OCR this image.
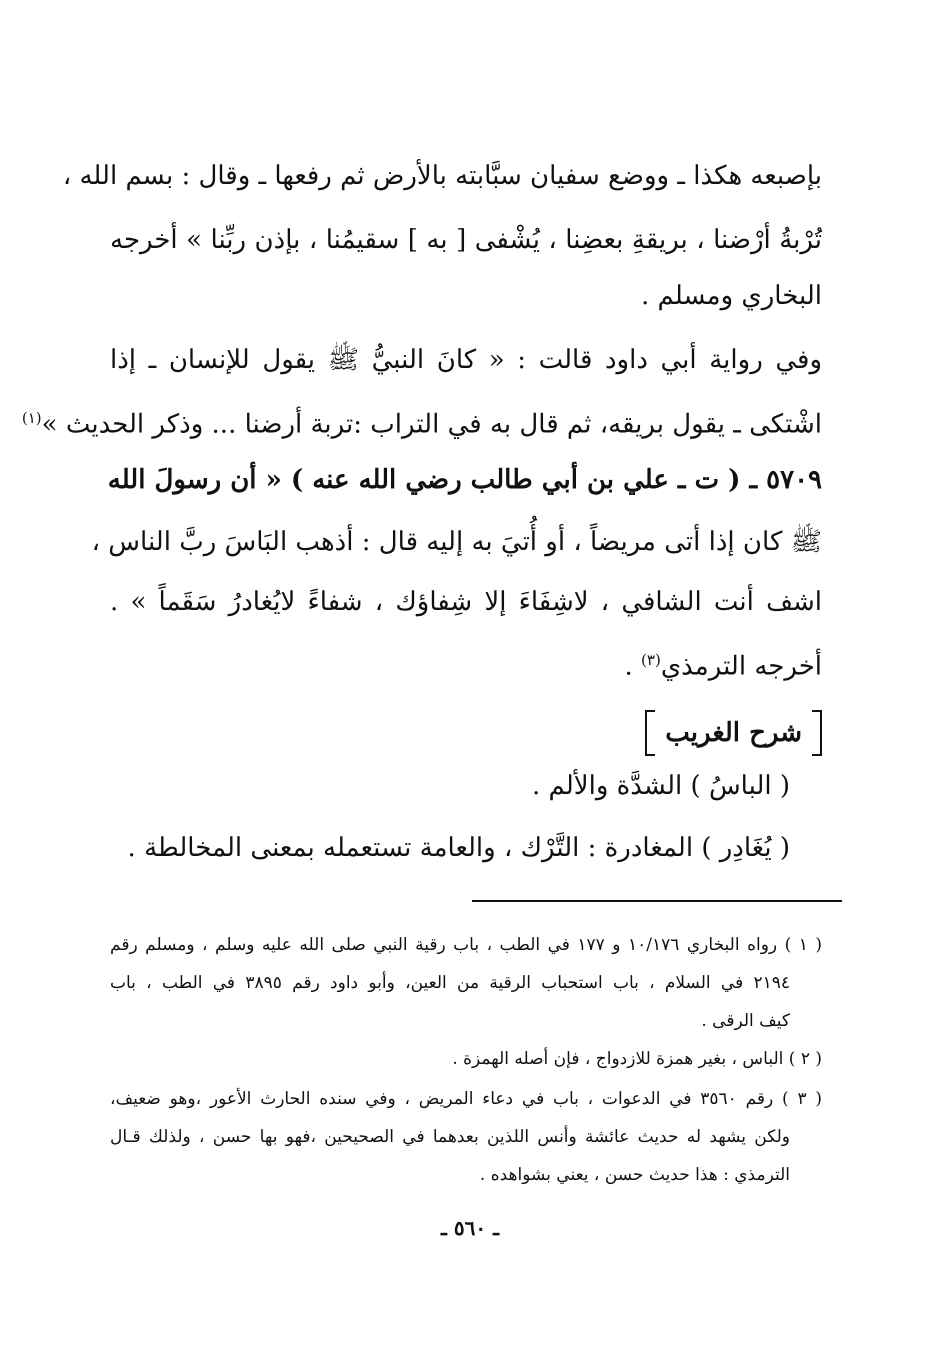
بإصبعه هكذا ـ ووضع سفيان سبَّابته بالأرض ثم رفعها ـ وقال : بسم الله ،
تُرْبةُ أرْضنا ، بريقةِ بعضِنا ، يُشْفى [ به ] سقيمُنا ، بإذن ربِّنا » أخرجه
البخاري ومسلم .
وفي رواية أبي داود قالت : « كانَ النبيُّ ﷺ يقول للإنسان ـ إذا
اشْتكى ـ يقول بريقه، ثم قال به في التراب :تربة أرضنا ... وذكر الحديث »$^{(١)}$
٥٧٠٩ ـ ( ت ـ علي بن أبي طالب رضي الله عنه ) « أن رسولَ الله
ﷺ كان إذا أتى مريضاً ، أو أُتيَ به إليه قال : أذهب البَاسَ ربَّ الناس ،
اشف أنت الشافي ، لاشِفَاءَ إلا شِفاؤك ، شفاءً لايُغادرُ سَقَماً » .
أخرجه الترمذي$^{(٣)}$ .
شرح الغريب
( الباسُ ) الشدَّة والألم .
( يُغَادِر ) المغادرة : التَّرْك ، والعامة تستعمله بمعنى المخالطة .
( ١ ) رواه البخاري ١٠/١٧٦ و ١٧٧ في الطب ، باب رقية النبي صلى الله عليه وسلم ، ومسلم رقم
٢١٩٤ في السلام ، باب استحباب الرقية من العين، وأبو داود رقم ٣٨٩٥ في الطب ، باب
كيف الرقى .
( ٢ ) الباس ، بغير همزة للازدواج ، فإن أصله الهمزة .
( ٣ ) رقم ٣٥٦٠ في الدعوات ، باب في دعاء المريض ، وفي سنده الحارث الأعور ،وهو ضعيف،
ولكن يشهد له حديث عائشة وأنس اللذين بعدهما في الصحيحين ،فهو بها حسن ، ولذلك قـال
الترمذي : هذا حديث حسن ، يعني بشواهده .
ـ ٥٦٠ ـ
